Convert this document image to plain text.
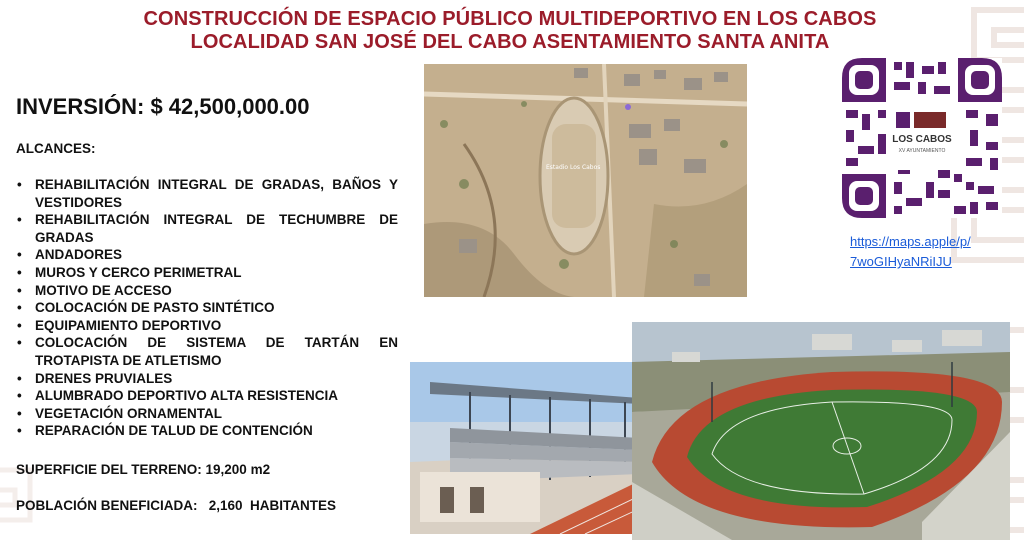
CONSTRUCCIÓN DE ESPACIO PÚBLICO MULTIDEPORTIVO EN LOS CABOS
LOCALIDAD SAN JOSÉ DEL CABO ASENTAMIENTO SANTA ANITA
INVERSIÓN: $ 42,500,000.00
ALCANCES:
• REHABILITACIÓN INTEGRAL DE GRADAS, BAÑOS Y VESTIDORES
• REHABILITACIÓN INTEGRAL DE TECHUMBRE DE GRADAS
• ANDADORES
• MUROS Y CERCO PERIMETRAL
• MOTIVO DE ACCESO
• COLOCACIÓN DE PASTO SINTÉTICO
• EQUIPAMIENTO DEPORTIVO
• COLOCACIÓN DE SISTEMA DE TARTÁN EN TROTAPISTA DE ATLETISMO
• DRENES PRUVIALES
• ALUMBRADO DEPORTIVO ALTA RESISTENCIA
• VEGETACIÓN ORNAMENTAL
• REPARACIÓN DE TALUD DE CONTENCIÓN
SUPERFICIE DEL TERRENO: 19,200 m2
POBLACIÓN BENEFICIADA:   2,160  HABITANTES
Estadio Los Cabos
LOS CABOS
XV AYUNTAMIENTO
https://maps.apple/p/
7woGIHyaNRiIJU
